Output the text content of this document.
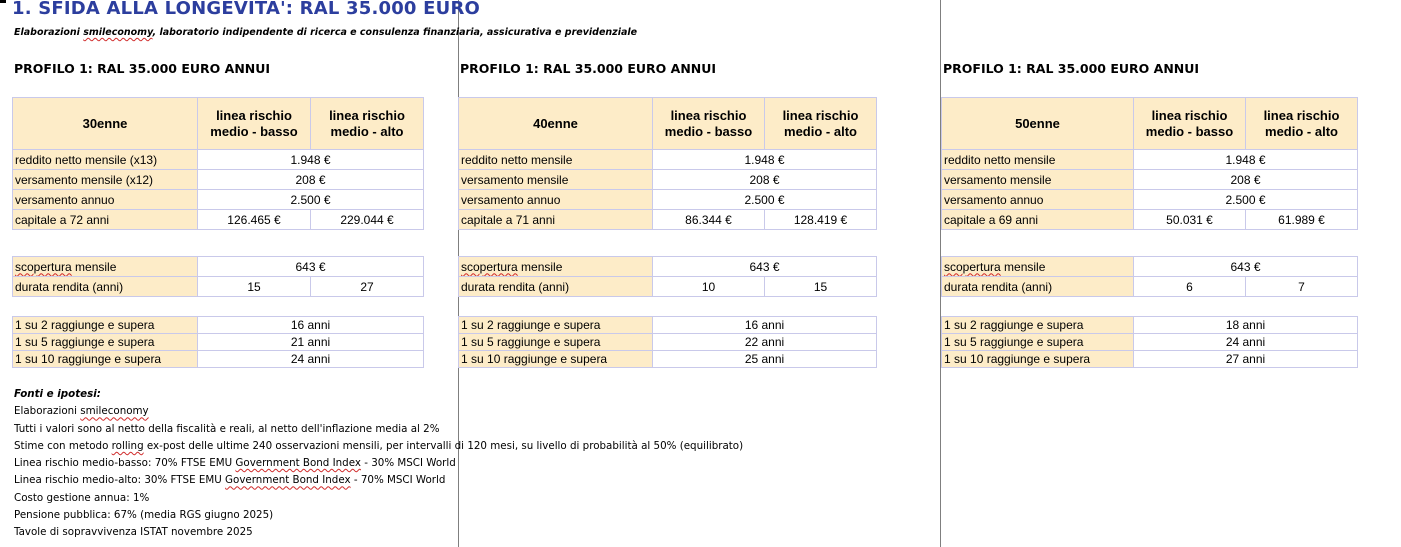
1. SFIDA ALLA LONGEVITA': RAL 35.000 EURO

Elaborazioni smileconomy, laboratorio indipendente di ricerca e consulenza finanziaria, assicurativa e previdenziale

PROFILO 1: RAL 35.000 EURO ANNUI

30enne	linea rischio medio - basso	linea rischio medio - alto
reddito netto mensile (x13)	1.948 €	
versamento mensile (x12)	208 €	
versamento annuo	2.500 €	
capitale a 72 anni	126.465 €	229.044 €
scopertura mensile	643 €	
durata rendita (anni)	15	27
1 su 2 raggiunge e supera	16 anni
1 su 5 raggiunge e supera	21 anni
1 su 10 raggiunge e supera	24 anni

PROFILO 1: RAL 35.000 EURO ANNUI

40enne	linea rischio medio - basso	linea rischio medio - alto
reddito netto mensile	1.948 €	
versamento mensile	208 €	
versamento annuo	2.500 €	
capitale a 71 anni	86.344 €	128.419 €
scopertura mensile	643 €	
durata rendita (anni)	10	15
1 su 2 raggiunge e supera	16 anni
1 su 5 raggiunge e supera	22 anni
1 su 10 raggiunge e supera	25 anni

PROFILO 1: RAL 35.000 EURO ANNUI

50enne	linea rischio medio - basso	linea rischio medio - alto
reddito netto mensile	1.948 €	
versamento mensile	208 €	
versamento annuo	2.500 €	
capitale a 69 anni	50.031 €	61.989 €
scopertura mensile	643 €	
durata rendita (anni)	6	7
1 su 2 raggiunge e supera	18 anni
1 su 5 raggiunge e supera	24 anni
1 su 10 raggiunge e supera	27 anni
Fonti e ipotesi:
Elaborazioni smileconomy
Tutti i valori sono al netto della fiscalità e reali, al netto dell'inflazione media al 2%
Stime con metodo rolling ex-post delle ultime 240 osservazioni mensili, per intervalli di 120 mesi, su livello di probabilità al 50% (equilibrato)
Linea rischio medio-basso: 70% FTSE EMU Government Bond Index - 30% MSCI World
Linea rischio medio-alto: 30% FTSE EMU Government Bond Index - 70% MSCI World
Costo gestione annua: 1%
Pensione pubblica: 67% (media RGS giugno 2025)
Tavole di sopravvivenza ISTAT novembre 2025
